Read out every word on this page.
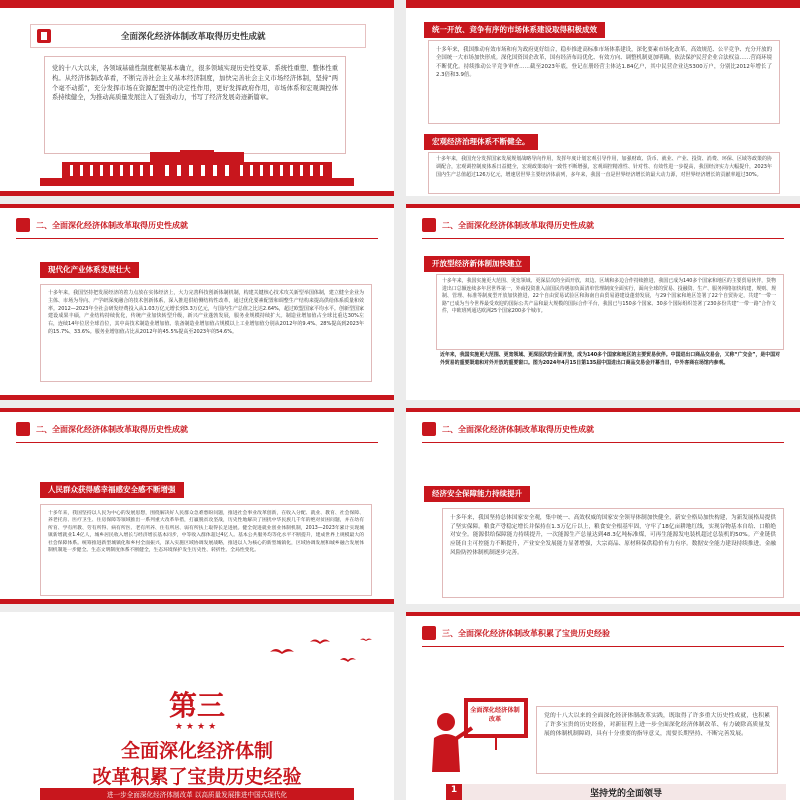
全面深化经济体制改革取得历史性成就
党的十八大以来，各领域基础性制度框架基本确立，很多领域实现历史性变革、系统性重塑、整体性重构。从经济体制改革看，不断完善社会主义基本经济制度，加快完善社会主义市场经济体制，坚持“两个毫不动摇”，充分发挥市场在资源配置中的决定性作用，更好发挥政府作用，市场体系和宏观调控体系持续健全，为推动高质量发展注入了强劲动力，书写了经济发展奇迹新篇章。
统一开放、竞争有序的市场体系建设取得积极成效
十多年来，我国推动有效市场和有为政府更好结合，稳步推进高标准市场体系建设，深化要素市场化改革，高效规范、公平竞争、充分开放的全国统一大市场加快形成。深化国资国企改革，国有经济布局优化、有效方向、调整机制更加明确，依法保护民营企业合法权益……营商环境不断优化。持续推动公平竞争审查……截至2023年底，登记在册经营主体达1.84亿户，其中民营企业达5300万户，分别比2012年增长了2.3倍和3.9倍。
宏观经济治理体系不断健全。
十多年来，我国充分发挥国家发展规划战略导向作用，发挥年度计划宏观引导作用，加强财政、货币、就业、产业、投资、消费、环保、区域等政策的协调配合，宏观调控制度体系日益健全，宏观政策取向一致性不断增强，宏观调控精准性、针对性、有效性进一步提高，我国经济实力大幅提升，2023年国内生产总值超过126万亿元，增速居世界主要经济体前列，多年来，我国一直是世界经济增长的最大动力源，对世界经济增长的贡献率超过30%。
二、全面深化经济体制改革取得历史性成就
现代化产业体系发展壮大
十多年来，我国坚持把发展经济的着力点放在实体经济上，大力完善科技创新体制机制，构建关键核心技术攻关新型举国体制，建立健全企业为主体、市场为导向、产学研深度融合的技术创新体系，深入推进供给侧结构性改革，通过优化要素配置和调整生产结构来提高供给体系质量和效率。2012—2023年全社会研发经费投入从1.03万亿元增长到3.3万亿元，与国内生产总值之比达2.64%，超过欧盟国家平均水平。创新型国家建设成果丰硕，产业结构持续优化，传统产业加快转型升级，新兴产业蓬勃发展，服务业规模持续扩大。制造业增加值占全球比重达30%左右，连续14年位居全球首位，其中高技术制造业增加值、装备制造业增加值占规模以上工业增加值分别从2012年的9.4%、28%提高到2023年的15.7%、33.6%。服务业增加值占比从2012年的45.5%提高至2023年的54.6%。
二、全面深化经济体制改革取得历史性成就
开放型经济新体制加快建立
十多年来，我国实施更大范围、更宽领域、更深层次的全面开放，双边、区域和多边合作持续推进，我国已成为140多个国家和地区的主要贸易伙伴，货物进出口总额连续多年居世界第一，外商投资准入前国民待遇加负面清单管理制度全面实行，面向全球的贸易、投融资、生产、服务网络加快构建，规则、规制、管理、标准等制度型开放加快推进，22个自由贸易试验区和海南自由贸易港建设蓬勃发展，与29个国家和地区签署了22个自贸协定，共建“一带一路”已成为当今世界最受欢迎的国际公共产品和最大规模的国际合作平台，我国已与150多个国家、30多个国际组织签署了230多份共建“一带一路”合作文件，中欧班列通达欧洲25个国家200多个城市。
近年来，我国实施更大范围、更宽领域、更深层次的全面开放，成为140多个国家和地区的主要贸易伙伴。中国进出口商品交易会，又称“广交会”，是中国对外贸易的重要渠道和对外开放的重要窗口。图为2024年4月15日第135届中国进出口商品交易会开幕当日，中外客商在场馆内参观。
二、全面深化经济体制改革取得历史性成就
人民群众获得感幸福感安全感不断增强
十多年来，我国坚持以人民为中心的发展思想，围绕解决好人民群众急难愁盼问题，推进社会事业改革创新，在收入分配、就业、教育、社会保障、养老托育、医疗卫生、住房保障等领域推出一系列重大改革举措，打赢脱贫攻坚战，历史性地解决了困扰中华民族几千年的绝对贫困问题，并在幼有所育、学有所教、劳有所得、病有所医、老有所养、住有所居、弱有所扶上取得长足进展。健全促进就业创业体制机制，2013—2023年累计实现城镇新增就业1.4亿人，城乡居民收入增长与经济增长基本同步，中等收入群体超过4亿人。基本公共服务均等化水平不断提升，建成世界上规模最大的社会保障体系。统筹推进新型城镇化和乡村全面振兴，深入实施区域协调发展战略，推进以人为核心的新型城镇化，区域协调发展和城乡融合发展体制机制进一步健全。生态文明制度体系不断健全，生态环境保护发生历史性、转折性、全局性变化。
二、全面深化经济体制改革取得历史性成就
经济安全保障能力持续提升
十多年来，我国坚持总体国家安全观，集中统一、高效权威的国家安全领导体制加快健全，新安全格局加快构建，为新发展格局提供了坚实保障。粮食产량稳定增长并保持在1.3万亿斤以上，粮食安全根基牢固，守牢了18亿亩耕地红线，实现谷物基本自给、口粮绝对安全。能源供给保障能力持续提升，一次能源生产总量达到48.3亿吨标准煤，可再生能源发电装机超过总装机的50%。产业链供应链自主可控能力不断提升，产业安全发展能力显著增强，大宗商品、原材料保供稳价有力有序。数据安全能力建设持续推进，金融风险防控体制机制逐步完善。
第三
★★★★
全面深化经济体制
改革积累了宝贵历史经验
进一步全面深化经济体制改革 以高质量发展推进中国式现代化
三、全面深化经济体制改革积累了宝贵历史经验
全面深化经济体制改革
党的十八大以来的全面深化经济体制改革实践，既取得了许多重大历史性成就，也积累了许多宝贵的历史经验，对新征程上进一步全面深化经济体制改革、有力破除高质量发展的体制机制障碍，具有十分重要的指导意义，需要长期坚持、不断完善发展。
1	坚持党的全面领导
